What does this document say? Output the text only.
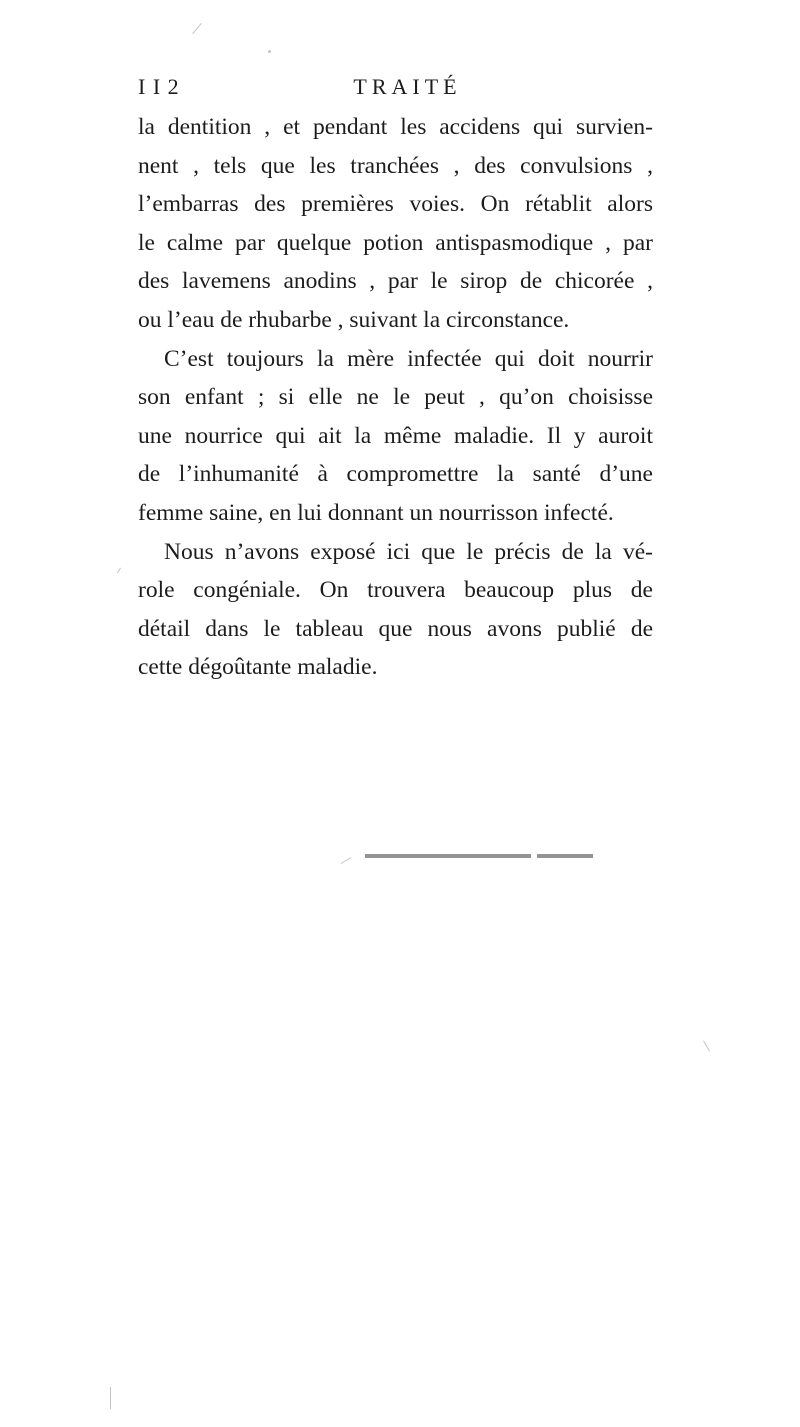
I I 2	TRAITÉ

la dentition , et pendant les accidens qui survien-
nent , tels que les tranchées , des convulsions ,
l’embarras des premières voies. On rétablit alors
le calme par quelque potion antispasmodique , par
des lavemens anodins , par le sirop de chicorée ,
ou l’eau de rhubarbe , suivant la circonstance.

C’est toujours la mère infectée qui doit nourrir
son enfant ; si elle ne le peut , qu’on choisisse
une nourrice qui ait la même maladie. Il y auroit
de l’inhumanité à compromettre la santé d’une
femme saine, en lui donnant un nourrisson infecté.

Nous n’avons exposé ici que le précis de la vé-
role congéniale. On trouvera beaucoup plus de
détail dans le tableau que nous avons publié de
cette dégoûtante maladie.
